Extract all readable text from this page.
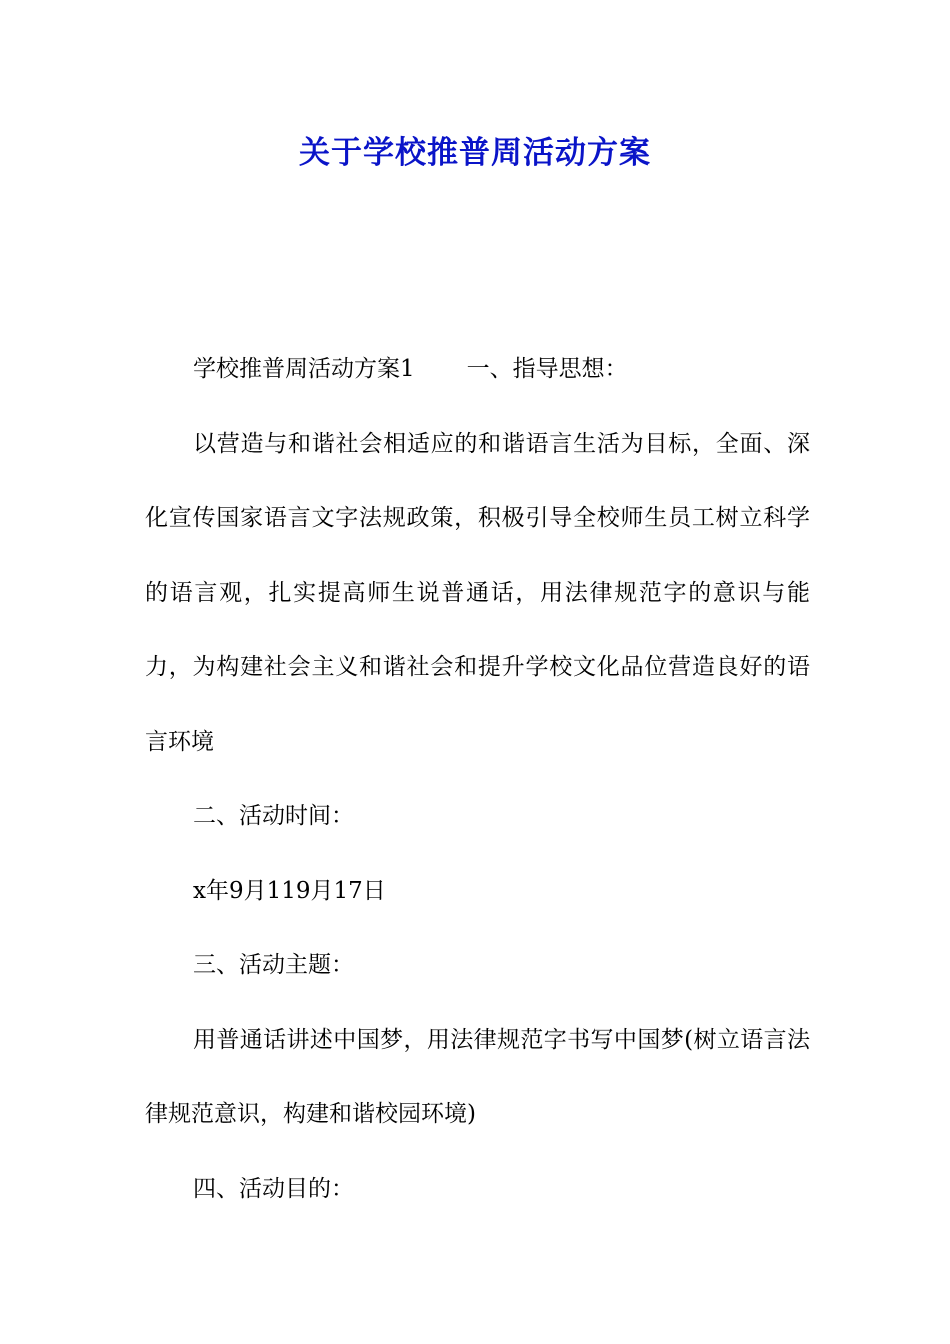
关于学校推普周活动方案

学校推普周活动方案1 一、指导思想：

以营造与和谐社会相适应的和谐语言生活为目标，全面、深化宣传国家语言文字法规政策，积极引导全校师生员工树立科学的语言观，扎实提高师生说普通话，用法律规范字的意识与能力，为构建社会主义和谐社会和提升学校文化品位营造良好的语言环境

二、活动时间：

x年9月119月17日

三、活动主题：

用普通话讲述中国梦，用法律规范字书写中国梦(树立语言法律规范意识，构建和谐校园环境)

四、活动目的：
